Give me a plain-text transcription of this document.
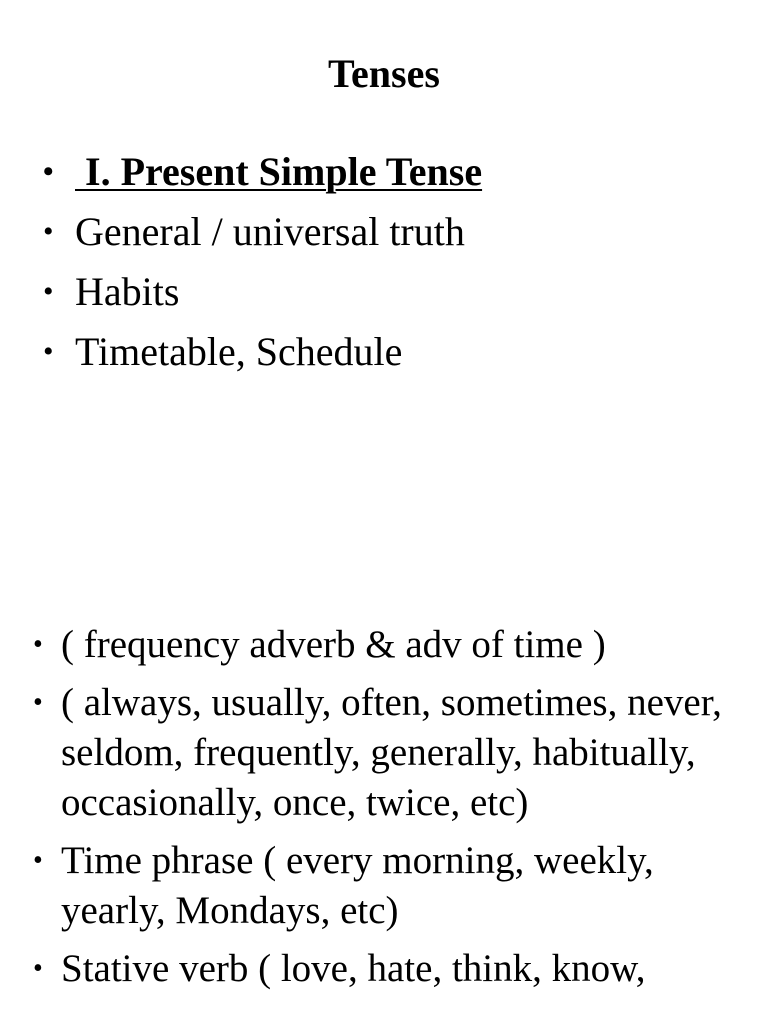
Tenses
•  I. Present Simple Tense
• General / universal truth
• Habits
• Timetable, Schedule
• ( frequency adverb & adv of time )
• ( always, usually, often, sometimes, never, seldom, frequently, generally, habitually, occasionally, once, twice, etc)
• Time phrase ( every morning, weekly, yearly, Mondays, etc)
• Stative verb ( love, hate, think, know,
